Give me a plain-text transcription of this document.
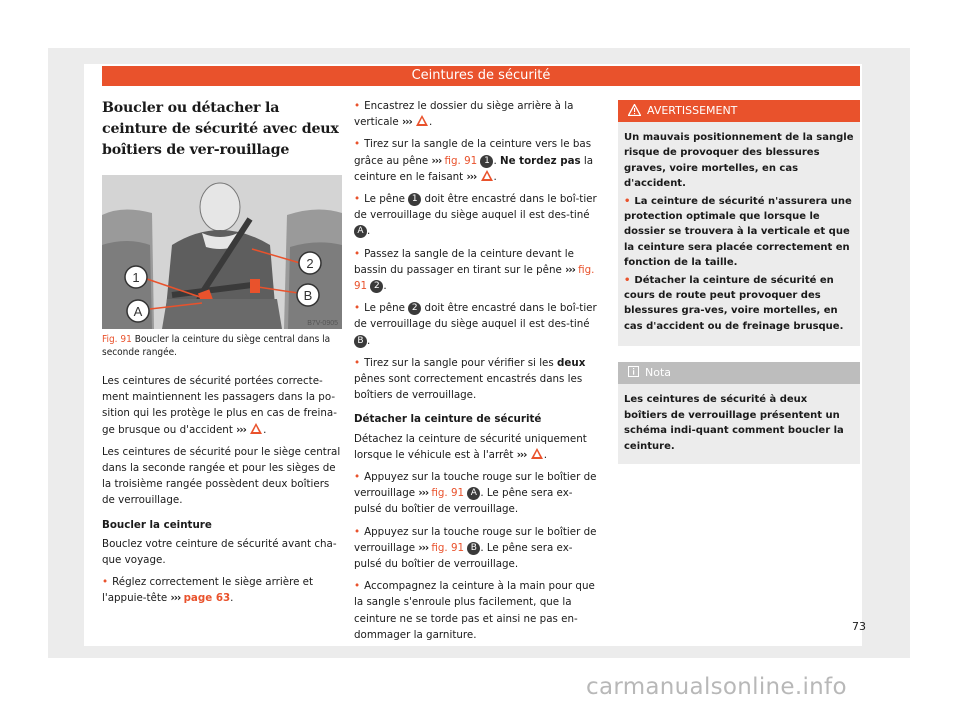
Ceintures de sécurité
Boucler ou détacher la ceinture de sécurité avec deux boîtiers de ver-rouillage
1
A
2
B
B7V-0905
Fig. 91 Boucler la ceinture du siège central dans la seconde rangée.

Les ceintures de sécurité portées correcte-ment maintiennent les passagers dans la po-sition qui les protège le plus en cas de freina-ge brusque ou d'accident ››› .

Les ceintures de sécurité pour le siège central dans la seconde rangée et pour les sièges de la troisième rangée possèdent deux boîtiers de verrouillage.

Boucler la ceinture

Bouclez votre ceinture de sécurité avant cha-que voyage.

• Réglez correctement le siège arrière et l'appuie-tête ››› page 63.

• Encastrez le dossier du siège arrière à la verticale ››› .

• Tirez sur la sangle de la ceinture vers le bas grâce au pêne ››› fig. 91 1 . Ne tordez pas la ceinture en le faisant ››› .

• Le pêne 1 doit être encastré dans le boî-tier de verrouillage du siège auquel il est des-tiné A .

• Passez la sangle de la ceinture devant le bassin du passager en tirant sur le pêne ››› fig. 91 2 .

• Le pêne 2 doit être encastré dans le boî-tier de verrouillage du siège auquel il est des-tiné B .

• Tirez sur la sangle pour vérifier si les deux pênes sont correctement encastrés dans les boîtiers de verrouillage.

Détacher la ceinture de sécurité

Détachez la ceinture de sécurité uniquement lorsque le véhicule est à l'arrêt ››› .

• Appuyez sur la touche rouge sur le boîtier de verrouillage ››› fig. 91 A . Le pêne sera ex-pulsé du boîtier de verrouillage.

• Appuyez sur la touche rouge sur le boîtier de verrouillage ››› fig. 91 B . Le pêne sera ex-pulsé du boîtier de verrouillage.

• Accompagnez la ceinture à la main pour que la sangle s'enroule plus facilement, que la ceinture ne se torde pas et ainsi ne pas en-dommager la garniture.

AVERTISSEMENT

Un mauvais positionnement de la sangle risque de provoquer des blessures graves, voire mortelles, en cas d'accident.

• La ceinture de sécurité n'assurera une protection optimale que lorsque le dossier se trouvera à la verticale et que la ceinture sera placée correctement en fonction de la taille.

• Détacher la ceinture de sécurité en cours de route peut provoquer des blessures gra-ves, voire mortelles, en cas d'accident ou de freinage brusque.

Nota
Les ceintures de sécurité à deux boîtiers de verrouillage présentent un schéma indi-quant comment boucler la ceinture.
73
carmanualsonline.info
